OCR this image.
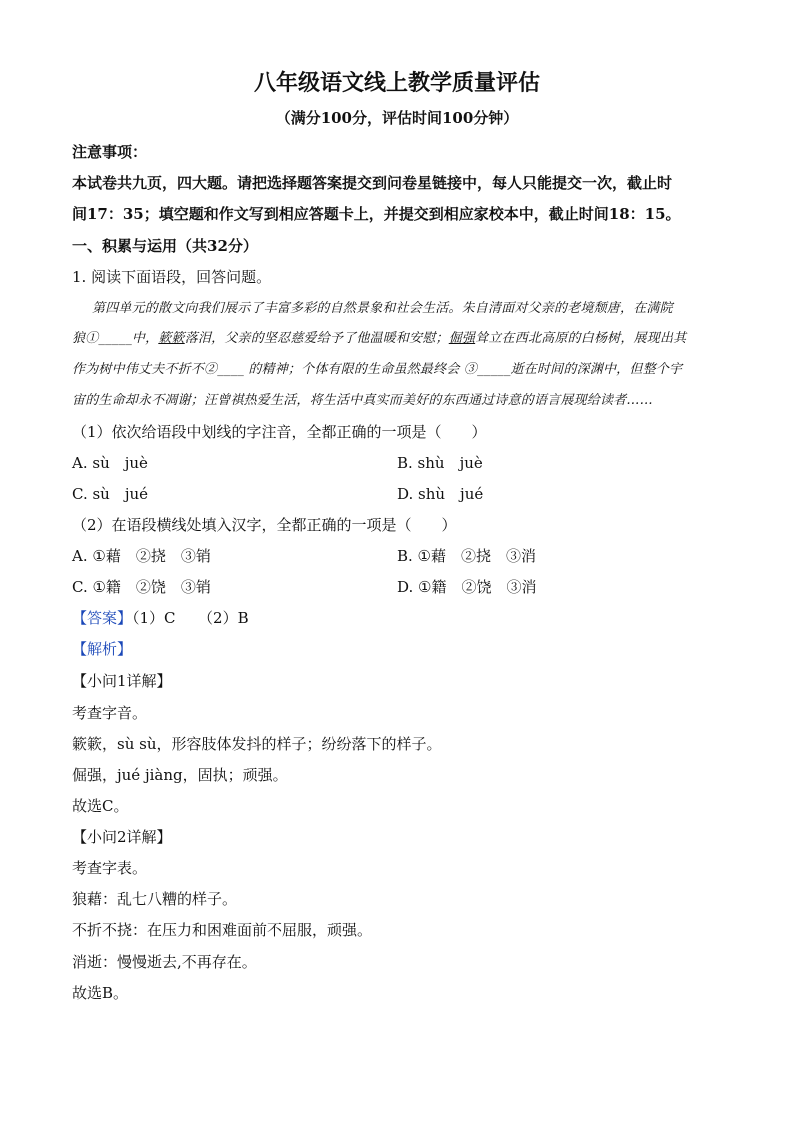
八年级语文线上教学质量评估
（满分100分，评估时间100分钟）
注意事项：
本试卷共九页，四大题。请把选择题答案提交到问卷星链接中，每人只能提交一次，截止时
间17：35；填空题和作文写到相应答题卡上，并提交到相应家校本中，截止时间18：15。
一、积累与运用（共32分）
1. 阅读下面语段，回答问题。
第四单元的散文向我们展示了丰富多彩的自然景象和社会生活。朱自清面对父亲的老境颓唐，在满院
狼①_____中，簌簌落泪，父亲的坚忍慈爱给予了他温暖和安慰；倔强耸立在西北高原的白杨树，展现出其
作为树中伟丈夫不折不②____ 的精神；个体有限的生命虽然最终会 ③_____逝在时间的深渊中，但整个宇
宙的生命却永不凋谢；汪曾祺热爱生活，将生活中真实而美好的东西通过诗意的语言展现给读者……
（1）依次给语段中划线的字注音，全都正确的一项是（　　）
A. sù　juè	B. shù　juè
C. sù　jué	D. shù　jué
（2）在语段横线处填入汉字，全都正确的一项是（　　）
A. ①藉　②挠　③销	B. ①藉　②挠　③消
C. ①籍　②饶　③销	D. ①籍　②饶　③消
【答案】（1）C　　（2）B
【解析】
【小问1详解】
考查字音。
簌簌，sù sù，形容肢体发抖的样子；纷纷落下的样子。
倔强，jué jiàng，固执；顽强。
故选C。
【小问2详解】
考查字表。
狼藉：乱七八糟的样子。
不折不挠：在压力和困难面前不屈服，顽强。
消逝：慢慢逝去,不再存在。
故选B。
